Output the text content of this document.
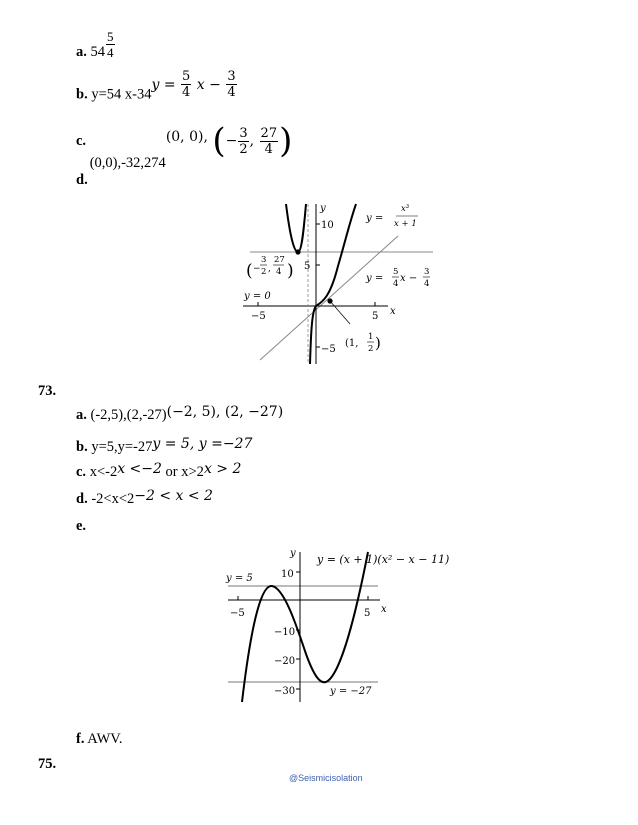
a. $54 \frac{5}{4}$
b. y=54 $x-34y = \frac{5}{4}$ $x - \frac{3}{4}$
c. (0,0),-32,274(0, 0), (− $\frac{3}{2}$ , $\frac{27}{4}$ )
d.
y
10
5
−5
−5	5 x
y =
x³
x + 1
y =
5
4 x −
3
4
( −
3
2 ,
27
4 )
y = 0
(1,
1
2 )
73.
a. (-2,5),(2,-27)(−2, 5), (2, −27)
b. y=5,y=-27y = 5, y =−27
c. x<-2x <−2 or x>2x > 2
d. -2<x<2−2 < x < 2
e.
y y = (x + 1)(x² − x − 11)
y = 5	10
−5	5 x
−10
−20
−30	y = −27
f. AWV.
75.
@Seismicisolation
